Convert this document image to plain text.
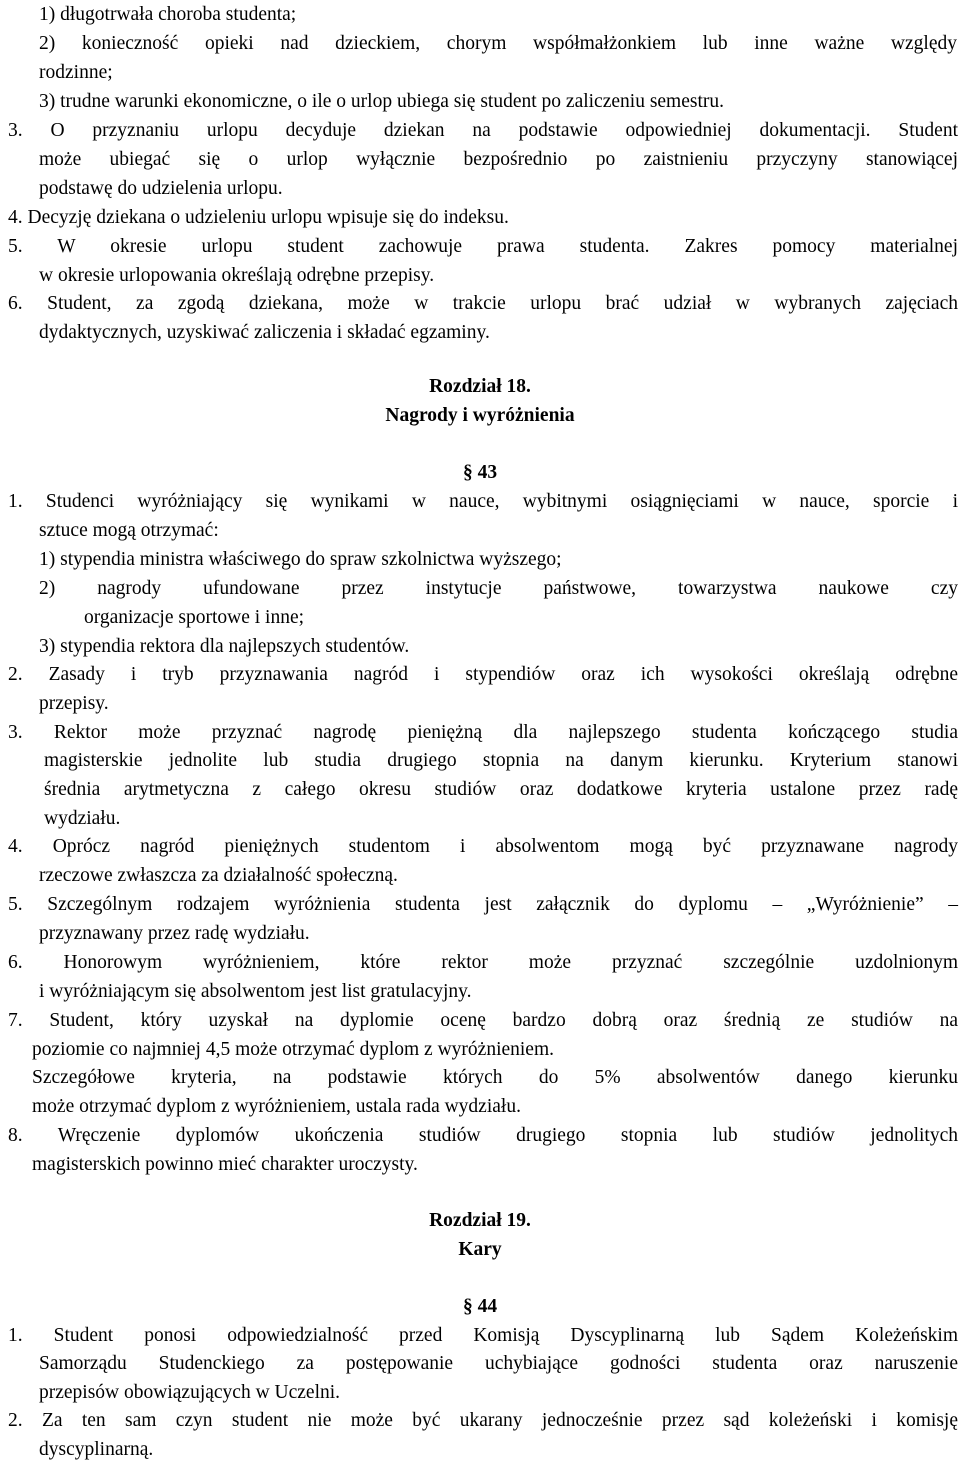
1) długotrwała choroba studenta;

2) konieczność opieki nad dzieckiem, chorym współmałżonkiem lub inne ważne względy

rodzinne;

3) trudne warunki ekonomiczne, o ile o urlop ubiega się student po zaliczeniu semestru.

3. O przyznaniu urlopu decyduje dziekan na podstawie odpowiedniej dokumentacji. Student

może ubiegać się o urlop wyłącznie bezpośrednio po zaistnieniu przyczyny stanowiącej

podstawę do udzielenia urlopu.

4. Decyzję dziekana o udzieleniu urlopu wpisuje się do indeksu.

5. W okresie urlopu student zachowuje prawa studenta. Zakres pomocy materialnej

w okresie urlopowania określają odrębne przepisy.

6. Student, za zgodą dziekana, może w trakcie urlopu brać udział w wybranych zajęciach

dydaktycznych, uzyskiwać zaliczenia i składać egzaminy.

Rozdział 18.

Nagrody i wyróżnienia

§ 43

1. Studenci wyróżniający się wynikami w nauce, wybitnymi osiągnięciami w nauce, sporcie i

sztuce mogą otrzymać:

1) stypendia ministra właściwego do spraw szkolnictwa wyższego;

2) nagrody ufundowane przez instytucje państwowe, towarzystwa naukowe czy

organizacje sportowe i inne;

3) stypendia rektora dla najlepszych studentów.

2. Zasady i tryb przyznawania nagród i stypendiów oraz ich wysokości określają odrębne

przepisy.

3. Rektor może przyznać nagrodę pieniężną dla najlepszego studenta kończącego studia

magisterskie jednolite lub studia drugiego stopnia na danym kierunku. Kryterium stanowi

średnia arytmetyczna z całego okresu studiów oraz dodatkowe kryteria ustalone przez radę

wydziału.

4. Oprócz nagród pieniężnych studentom i absolwentom mogą być przyznawane nagrody

rzeczowe zwłaszcza za działalność społeczną.

5. Szczególnym rodzajem wyróżnienia studenta jest załącznik do dyplomu – „Wyróżnienie” –

przyznawany przez radę wydziału.

6. Honorowym wyróżnieniem, które rektor może przyznać szczególnie uzdolnionym

i wyróżniającym się absolwentom jest list gratulacyjny.

7. Student, który uzyskał na dyplomie ocenę bardzo dobrą oraz średnią ze studiów na

poziomie co najmniej 4,5 może otrzymać dyplom z wyróżnieniem.

Szczegółowe kryteria, na podstawie których do 5% absolwentów danego kierunku

może otrzymać dyplom z wyróżnieniem, ustala rada wydziału.

8. Wręczenie dyplomów ukończenia studiów drugiego stopnia lub studiów jednolitych

magisterskich powinno mieć charakter uroczysty.

Rozdział 19.

Kary

§ 44

1. Student ponosi odpowiedzialność przed Komisją Dyscyplinarną lub Sądem Koleżeńskim

Samorządu Studenckiego za postępowanie uchybiające godności studenta oraz naruszenie

przepisów obowiązujących w Uczelni.

2. Za ten sam czyn student nie może być ukarany jednocześnie przez sąd koleżeński i komisję

dyscyplinarną.
